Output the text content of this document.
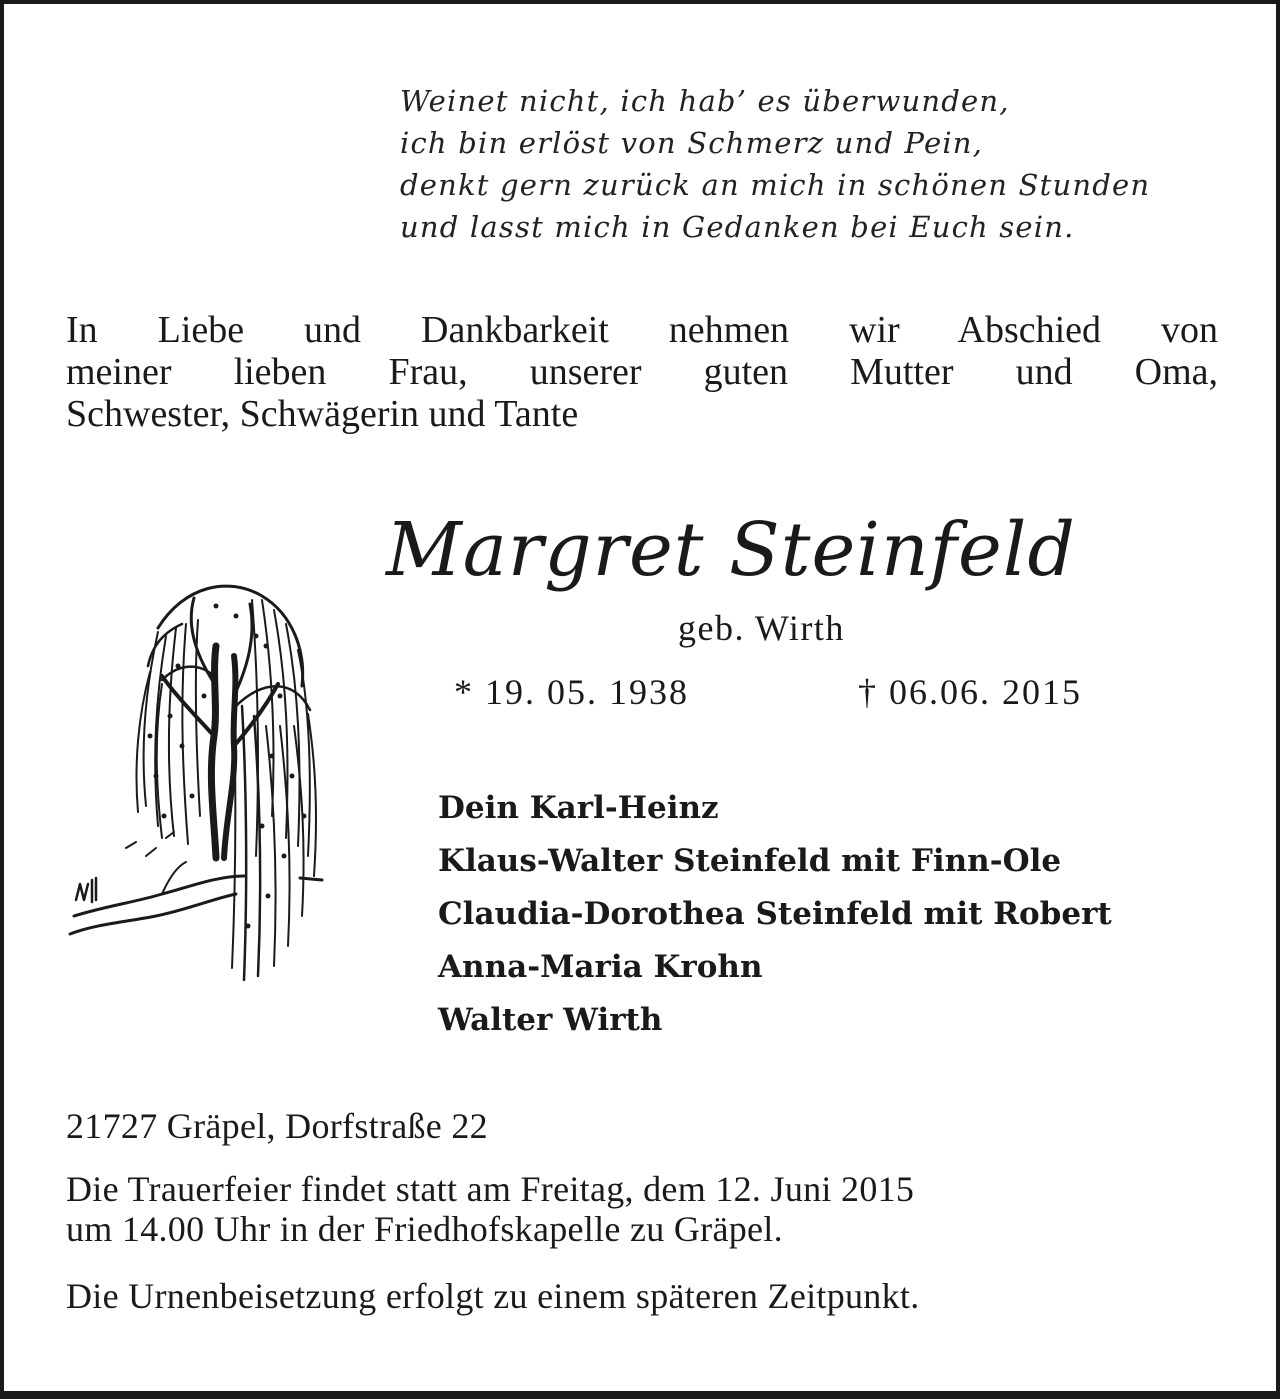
Weinet nicht, ich hab’ es überwunden,
ich bin erlöst von Schmerz und Pein,
denkt gern zurück an mich in schönen Stunden
und lasst mich in Gedanken bei Euch sein.
In Liebe und Dankbarkeit nehmen wir Abschied von
meiner lieben Frau, unserer guten Mutter und Oma,
Schwester, Schwägerin und Tante
Margret Steinfeld
geb. Wirth
* 19. 05. 1938	† 06.06. 2015
Dein Karl-Heinz
Klaus-Walter Steinfeld mit Finn-Ole
Claudia-Dorothea Steinfeld mit Robert
Anna-Maria Krohn
Walter Wirth
21727 Gräpel, Dorfstraße 22
Die Trauerfeier findet statt am Freitag, dem 12. Juni 2015
um 14.00 Uhr in der Friedhofskapelle zu Gräpel.
Die Urnenbeisetzung erfolgt zu einem späteren Zeitpunkt.
